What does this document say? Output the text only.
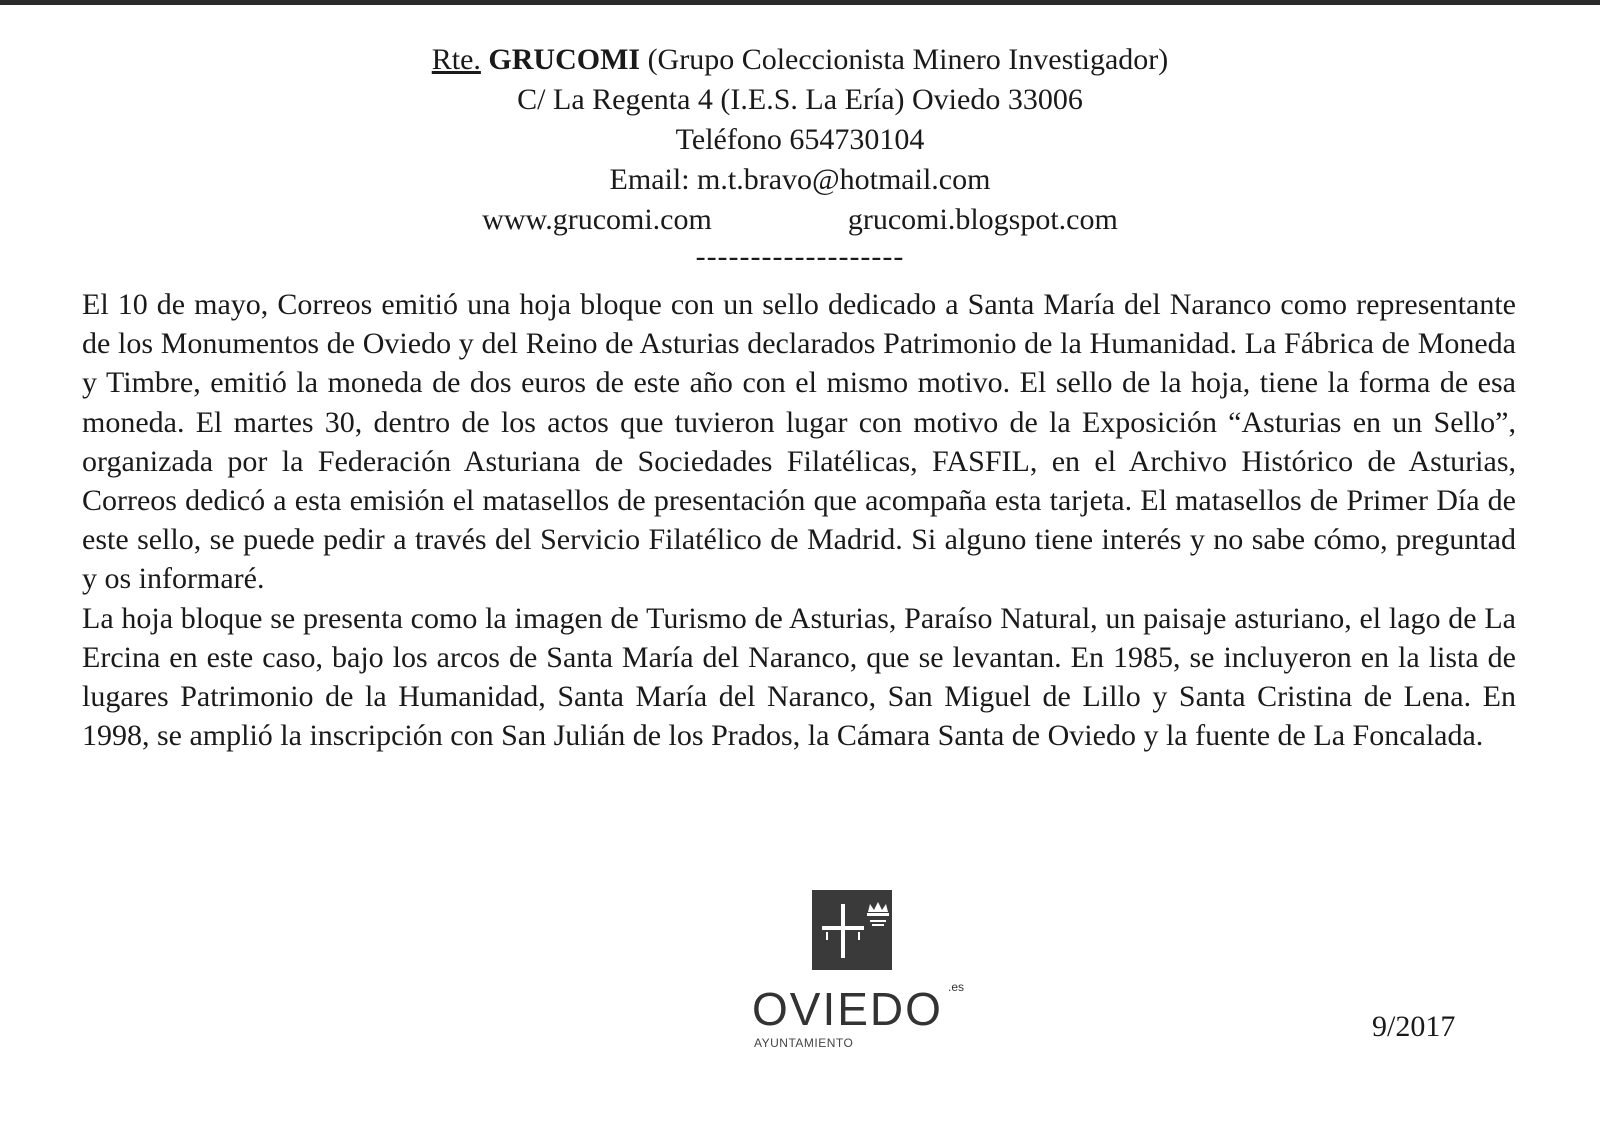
Rte. GRUCOMI (Grupo Coleccionista Minero Investigador)
C/ La Regenta 4 (I.E.S. La Ería) Oviedo 33006
Teléfono 654730104
Email: m.t.bravo@hotmail.com
www.grucomi.com	grucomi.blogspot.com
-------------------

El 10 de mayo, Correos emitió una hoja bloque con un sello dedicado a Santa María del Naranco como representante de los Monumentos de Oviedo y del Reino de Asturias declarados Patrimonio de la Humanidad. La Fábrica de Moneda y Timbre, emitió la moneda de dos euros de este año con el mismo motivo. El sello de la hoja, tiene la forma de esa moneda. El martes 30, dentro de los actos que tuvieron lugar con motivo de la Exposición “Asturias en un Sello”, organizada por la Federación Asturiana de Sociedades Filatélicas, FASFIL, en el Archivo Histórico de Asturias, Correos dedicó a esta emisión el matasellos de presentación que acompaña esta tarjeta. El matasellos de Primer Día de este sello, se puede pedir a través del Servicio Filatélico de Madrid. Si alguno tiene interés y no sabe cómo, preguntad y os informaré.

La hoja bloque se presenta como la imagen de Turismo de Asturias, Paraíso Natural, un paisaje asturiano, el lago de La Ercina en este caso, bajo los arcos de Santa María del Naranco, que se levantan. En 1985, se incluyeron en la lista de lugares Patrimonio de la Humanidad, Santa María del Naranco, San Miguel de Lillo y Santa Cristina de Lena. En 1998, se amplió la inscripción con San Julián de los Prados, la Cámara Santa de Oviedo y la fuente de La Foncalada.

OVIEDO .es
AYUNTAMIENTO	9/2017
